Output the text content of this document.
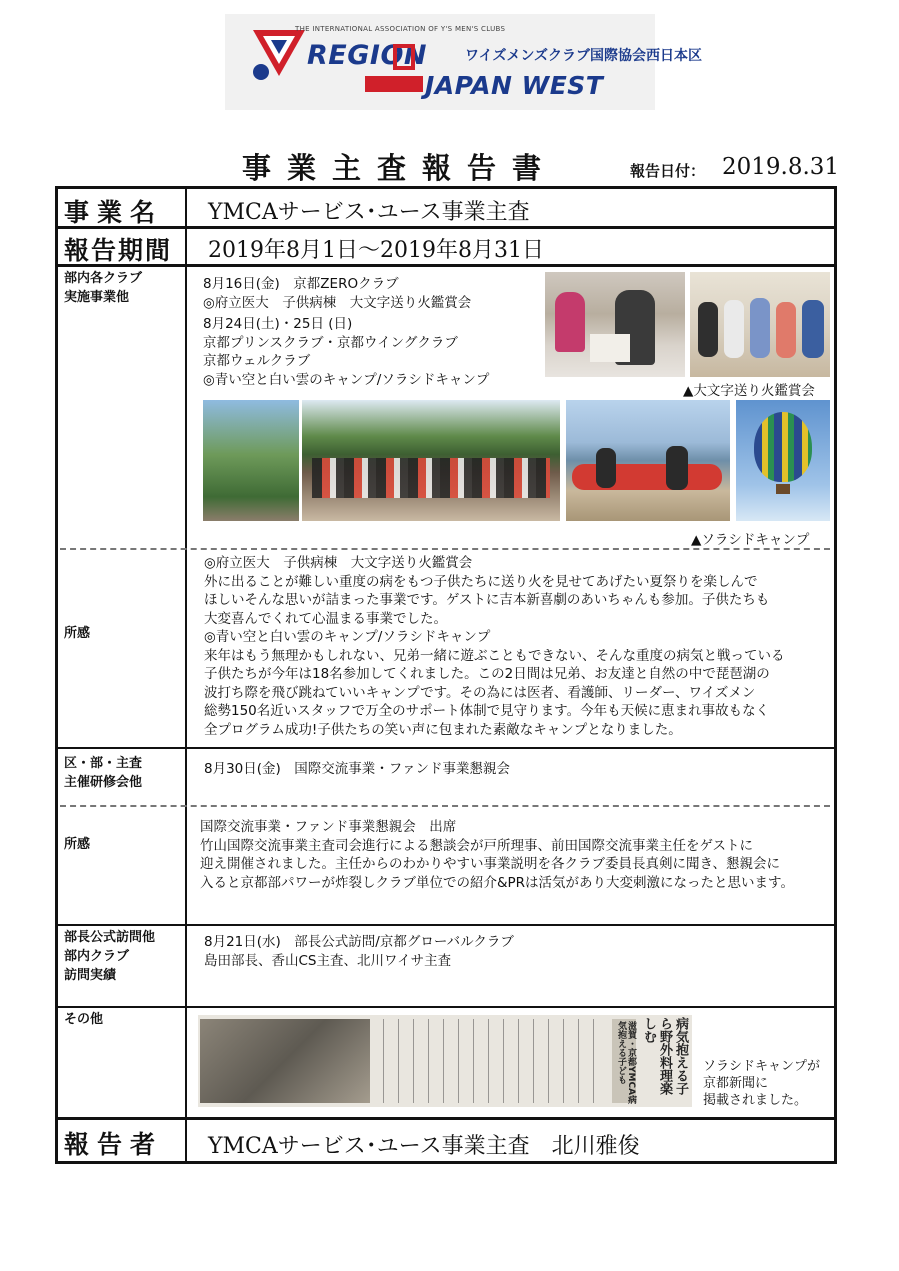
THE INTERNATIONAL ASSOCIATION OF Y'S MEN'S CLUBS
REGION	ワイズメンズクラブ国際協会西日本区
JAPAN WEST
事業主査報告書	報告日付： 2019.8.31
事業名 YMCAサービス･ユース事業主査
報告期間 2019年8月1日～2019年8月31日
部内各クラブ
実施事業他
8月16日(金)　京都ZEROクラブ
◎府立医大　子供病棟　大文字送り火鑑賞会
8月24日(土)・25日 (日)
京都プリンスクラブ・京都ウイングクラブ
京都ウェルクラブ
◎青い空と白い雲のキャンプ/ソラシドキャンプ
▲大文字送り火鑑賞会
▲ソラシドキャンプ
所感
◎府立医大　子供病棟　大文字送り火鑑賞会
外に出ることが難しい重度の病をもつ子供たちに送り火を見せてあげたい夏祭りを楽しんで
ほしいそんな思いが詰まった事業です。ゲストに吉本新喜劇のあいちゃんも参加。子供たちも
大変喜んでくれて心温まる事業でした。
◎青い空と白い雲のキャンプ/ソラシドキャンプ
来年はもう無理かもしれない、兄弟一緒に遊ぶこともできない、そんな重度の病気と戦っている
子供たちが今年は18名参加してくれました。この2日間は兄弟、お友達と自然の中で琵琶湖の
波打ち際を飛び跳ねていいキャンプです。その為には医者、看護師、リーダー、ワイズメン
総勢150名近いスタッフで万全のサポート体制で見守ります。今年も天候に恵まれ事故もなく
全プログラム成功!子供たちの笑い声に包まれた素敵なキャンプとなりました。
区・部・主査
主催研修会他
8月30日(金)　国際交流事業・ファンド事業懇親会
所感
国際交流事業・ファンド事業懇親会　出席
竹山国際交流事業主査司会進行による懇談会が戸所理事、前田国際交流事業主任をゲストに
迎え開催されました。主任からのわかりやすい事業説明を各クラブ委員長真剣に聞き、懇親会に
入ると京都部パワーが炸裂しクラブ単位での紹介&PRは活気があり大変刺激になったと思います。
部長公式訪問他
部内クラブ
訪問実績
8月21日(水)　部長公式訪問/京都グローバルクラブ
島田部長、香山CS主査、北川ワイサ主査
その他
滋賀・京都YMCA病気抱える子ども	病気抱える子ら野外料理楽しむ
ソラシドキャンプが
京都新聞に
掲載されました。
報告者 YMCAサービス･ユース事業主査　北川雅俊
